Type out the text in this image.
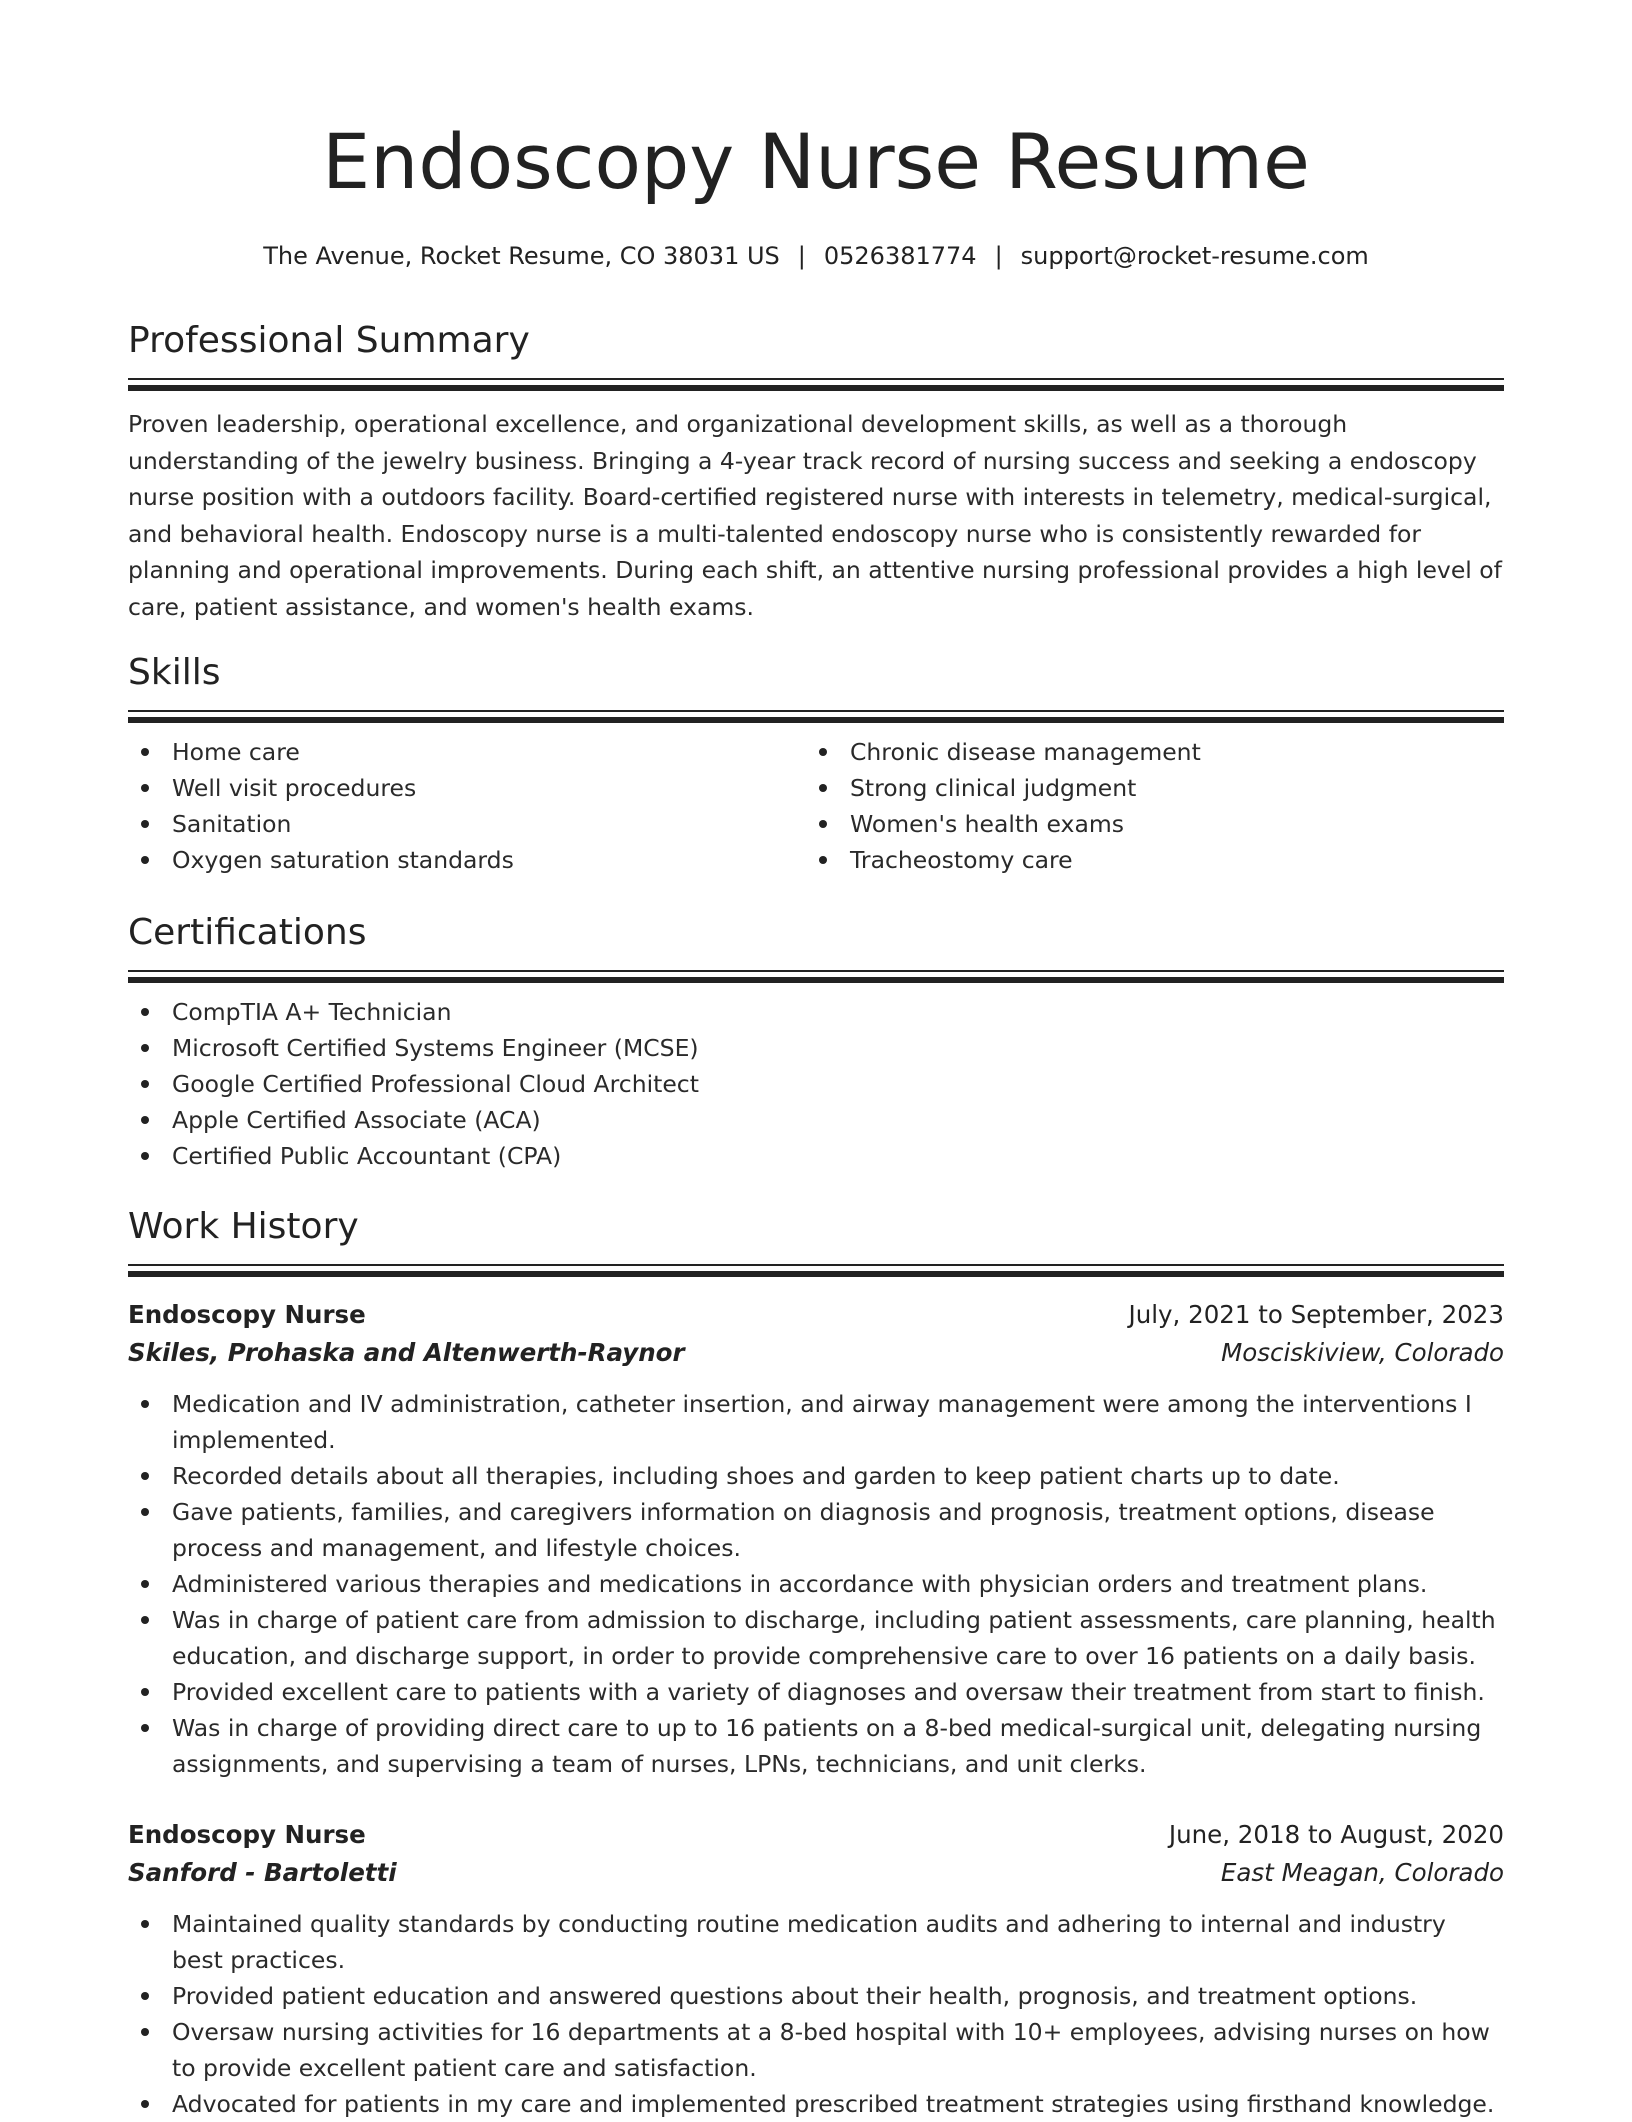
Endoscopy Nurse Resume
The Avenue, Rocket Resume, CO 38031 US | 0526381774 | support@rocket-resume.com
Professional Summary

Proven leadership, operational excellence, and organizational development skills, as well as a thorough understanding of the jewelry business. Bringing a 4-year track record of nursing success and seeking a endoscopy nurse position with a outdoors facility. Board-certified registered nurse with interests in telemetry, medical-surgical, and behavioral health. Endoscopy nurse is a multi-talented endoscopy nurse who is consistently rewarded for planning and operational improvements. During each shift, an attentive nursing professional provides a high level of care, patient assistance, and women's health exams.

Skills
Home care
Well visit procedures
Sanitation
Oxygen saturation standards
Chronic disease management
Strong clinical judgment
Women's health exams
Tracheostomy care
Certifications
CompTIA A+ Technician
Microsoft Certified Systems Engineer (MCSE)
Google Certified Professional Cloud Architect
Apple Certified Associate (ACA)
Certified Public Accountant (CPA)
Work History
Endoscopy Nurse	July, 2021 to September, 2023
Skiles, Prohaska and Altenwerth-Raynor	Mosciskiview, Colorado
Medication and IV administration, catheter insertion, and airway management were among the interventions I implemented.
Recorded details about all therapies, including shoes and garden to keep patient charts up to date.
Gave patients, families, and caregivers information on diagnosis and prognosis, treatment options, disease process and management, and lifestyle choices.
Administered various therapies and medications in accordance with physician orders and treatment plans.
Was in charge of patient care from admission to discharge, including patient assessments, care planning, health education, and discharge support, in order to provide comprehensive care to over 16 patients on a daily basis.
Provided excellent care to patients with a variety of diagnoses and oversaw their treatment from start to finish.
Was in charge of providing direct care to up to 16 patients on a 8-bed medical-surgical unit, delegating nursing assignments, and supervising a team of nurses, LPNs, technicians, and unit clerks.
Endoscopy Nurse	June, 2018 to August, 2020
Sanford - Bartoletti	East Meagan, Colorado
Maintained quality standards by conducting routine medication audits and adhering to internal and industry best practices.
Provided patient education and answered questions about their health, prognosis, and treatment options.
Oversaw nursing activities for 16 departments at a 8-bed hospital with 10+ employees, advising nurses on how to provide excellent patient care and satisfaction.
Advocated for patients in my care and implemented prescribed treatment strategies using firsthand knowledge.
